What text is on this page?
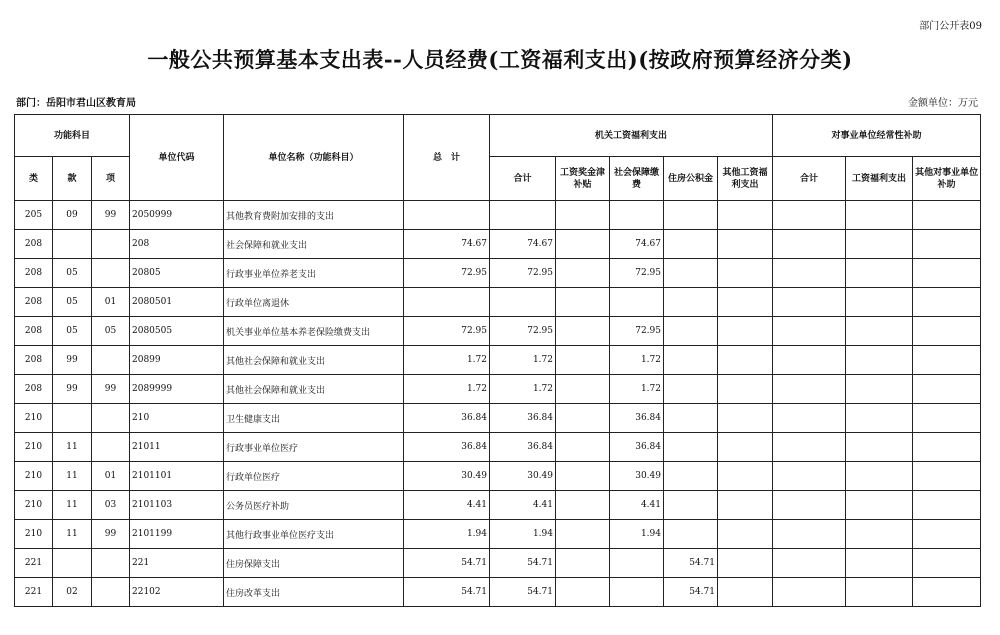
部门公开表09
一般公共预算基本支出表--人员经费(工资福利支出)(按政府预算经济分类)
部门：岳阳市君山区教育局	金额单位：万元
功能科目			单位代码	单位名称（功能科目）	总　计	机关工资福利支出					对事业单位经常性补助		
类	款	项				合计	工资奖金津补贴	社会保障缴费	住房公积金	其他工资福利支出	合计	工资福利支出	其他对事业单位补助
205	09	99	2050999	其他教育费附加安排的支出									
208			208	社会保障和就业支出	74.67	74.67		74.67					
208	05		20805	行政事业单位养老支出	72.95	72.95		72.95					
208	05	01	2080501	行政单位离退休									
208	05	05	2080505	机关事业单位基本养老保险缴费支出	72.95	72.95		72.95					
208	99		20899	其他社会保障和就业支出	1.72	1.72		1.72					
208	99	99	2089999	其他社会保障和就业支出	1.72	1.72		1.72					
210			210	卫生健康支出	36.84	36.84		36.84					
210	11		21011	行政事业单位医疗	36.84	36.84		36.84					
210	11	01	2101101	行政单位医疗	30.49	30.49		30.49					
210	11	03	2101103	公务员医疗补助	4.41	4.41		4.41					
210	11	99	2101199	其他行政事业单位医疗支出	1.94	1.94		1.94					
221			221	住房保障支出	54.71	54.71			54.71				
221	02		22102	住房改革支出	54.71	54.71			54.71				
